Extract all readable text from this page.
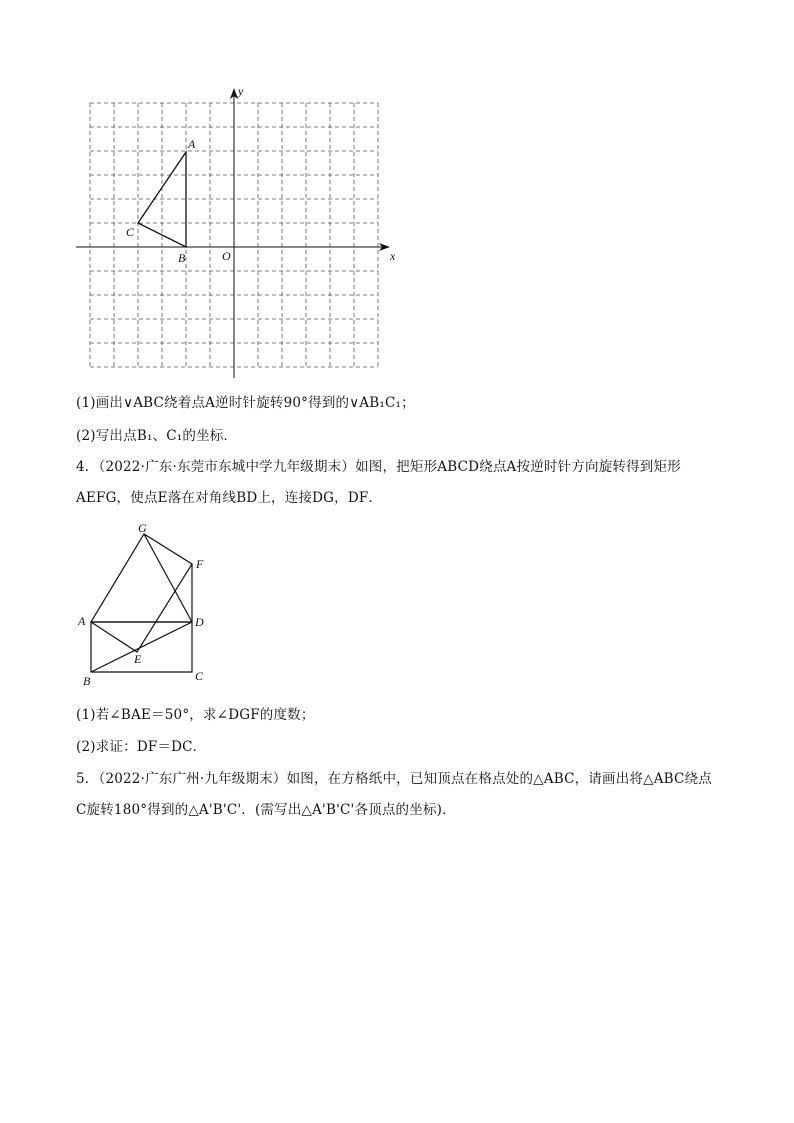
x
y
O
A
B
C
(1)画出∨ABC绕着点A逆时针旋转90°得到的∨AB₁C₁；
(2)写出点B₁、C₁的坐标．
4．（2022·广东·东莞市东城中学九年级期末）如图，把矩形ABCD绕点A按逆时针方向旋转得到矩形
AEFG，使点E落在对角线BD上，连接DG，DF．
A
B	C
D
E
F
G
(1)若∠BAE＝50°，求∠DGF的度数；
(2)求证：DF＝DC．
5．（2022·广东广州·九年级期末）如图，在方格纸中，已知顶点在格点处的△ABC，请画出将△ABC绕点
C旋转180°得到的△A'B'C'．(需写出△A'B'C'各顶点的坐标)．
